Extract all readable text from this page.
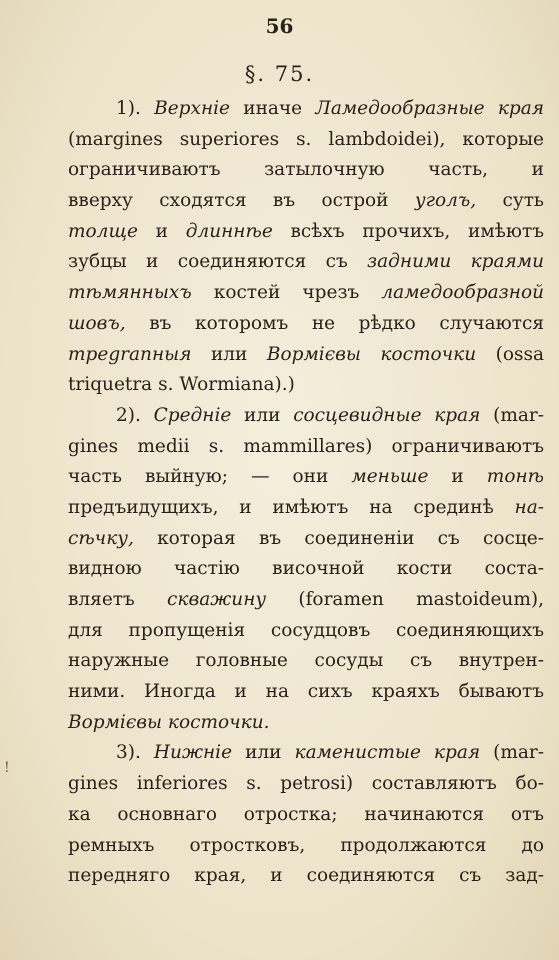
56
§. 75.
1). Верхніе иначе Ламедообразные края
(margines superiores s. lambdoidei), которые
ограничиваютъ затылочную часть, и
вверху сходятся въ острой уголъ, суть
толще и длиннѣе всѣхъ прочихъ, имѣютъ
зубцы и соединяются съ задними краями
тѣмянныхъ костей чрезъ ламедообразной
шовъ, въ которомъ не рѣдко случаются
треgranныя или Вормієвы косточки (ossa
triquetra s. Wormiana).)
2). Средніе или сосцевидные края (mar-
gines medii s. mammillares) ограничиваютъ
часть выйную; — они меньше и тонѣ
предъидущихъ, и имѣютъ на срединѣ на-
сѣчку, которая въ соединеніи съ сосце-
видною частію височной кости соста-
вляетъ скважину (foramen mastoideum),
для пропущенія сосудцовъ соединяющихъ
наружные головные сосуды съ внутрен-
ними. Иногда и на сихъ краяхъ бываютъ
Вормієвы косточки.
3). Нижніе или каменистые края (mar-
gines inferiores s. petrosi) составляютъ бо-
ка основнаго отростка; начинаются отъ
ремныхъ отростковъ, продолжаются до
передняго края, и соединяются съ зад-
!
